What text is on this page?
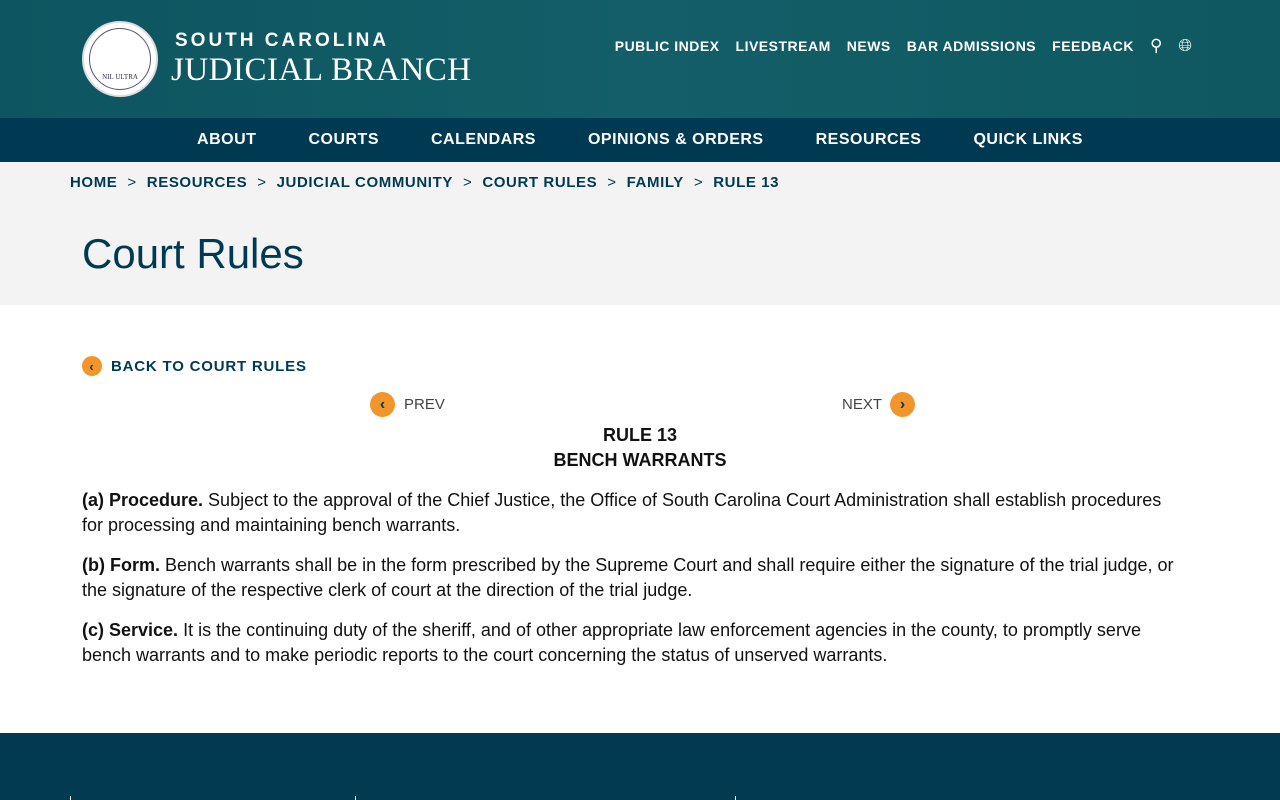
NIL ULTRA
SOUTH CAROLINA
JUDICIAL BRANCH
PUBLIC INDEX LIVESTREAM NEWS BAR ADMISSIONS FEEDBACK ⚲ 🌐︎
ABOUT	COURTS	CALENDARS	OPINIONS & ORDERS	RESOURCES	QUICK LINKS
HOME > RESOURCES > JUDICIAL COMMUNITY > COURT RULES > FAMILY > RULE 13
Court Rules
‹	BACK TO COURT RULES
‹	PREV	NEXT	›
RULE 13
BENCH WARRANTS

(a) Procedure. Subject to the approval of the Chief Justice, the Office of South Carolina Court Administration shall establish procedures for processing and maintaining bench warrants.

(b) Form. Bench warrants shall be in the form prescribed by the Supreme Court and shall require either the signature of the trial judge, or the signature of the respective clerk of court at the direction of the trial judge.

(c) Service. It is the continuing duty of the sheriff, and of other appropriate law enforcement agencies in the county, to promptly serve bench warrants and to make periodic reports to the court concerning the status of unserved warrants.
